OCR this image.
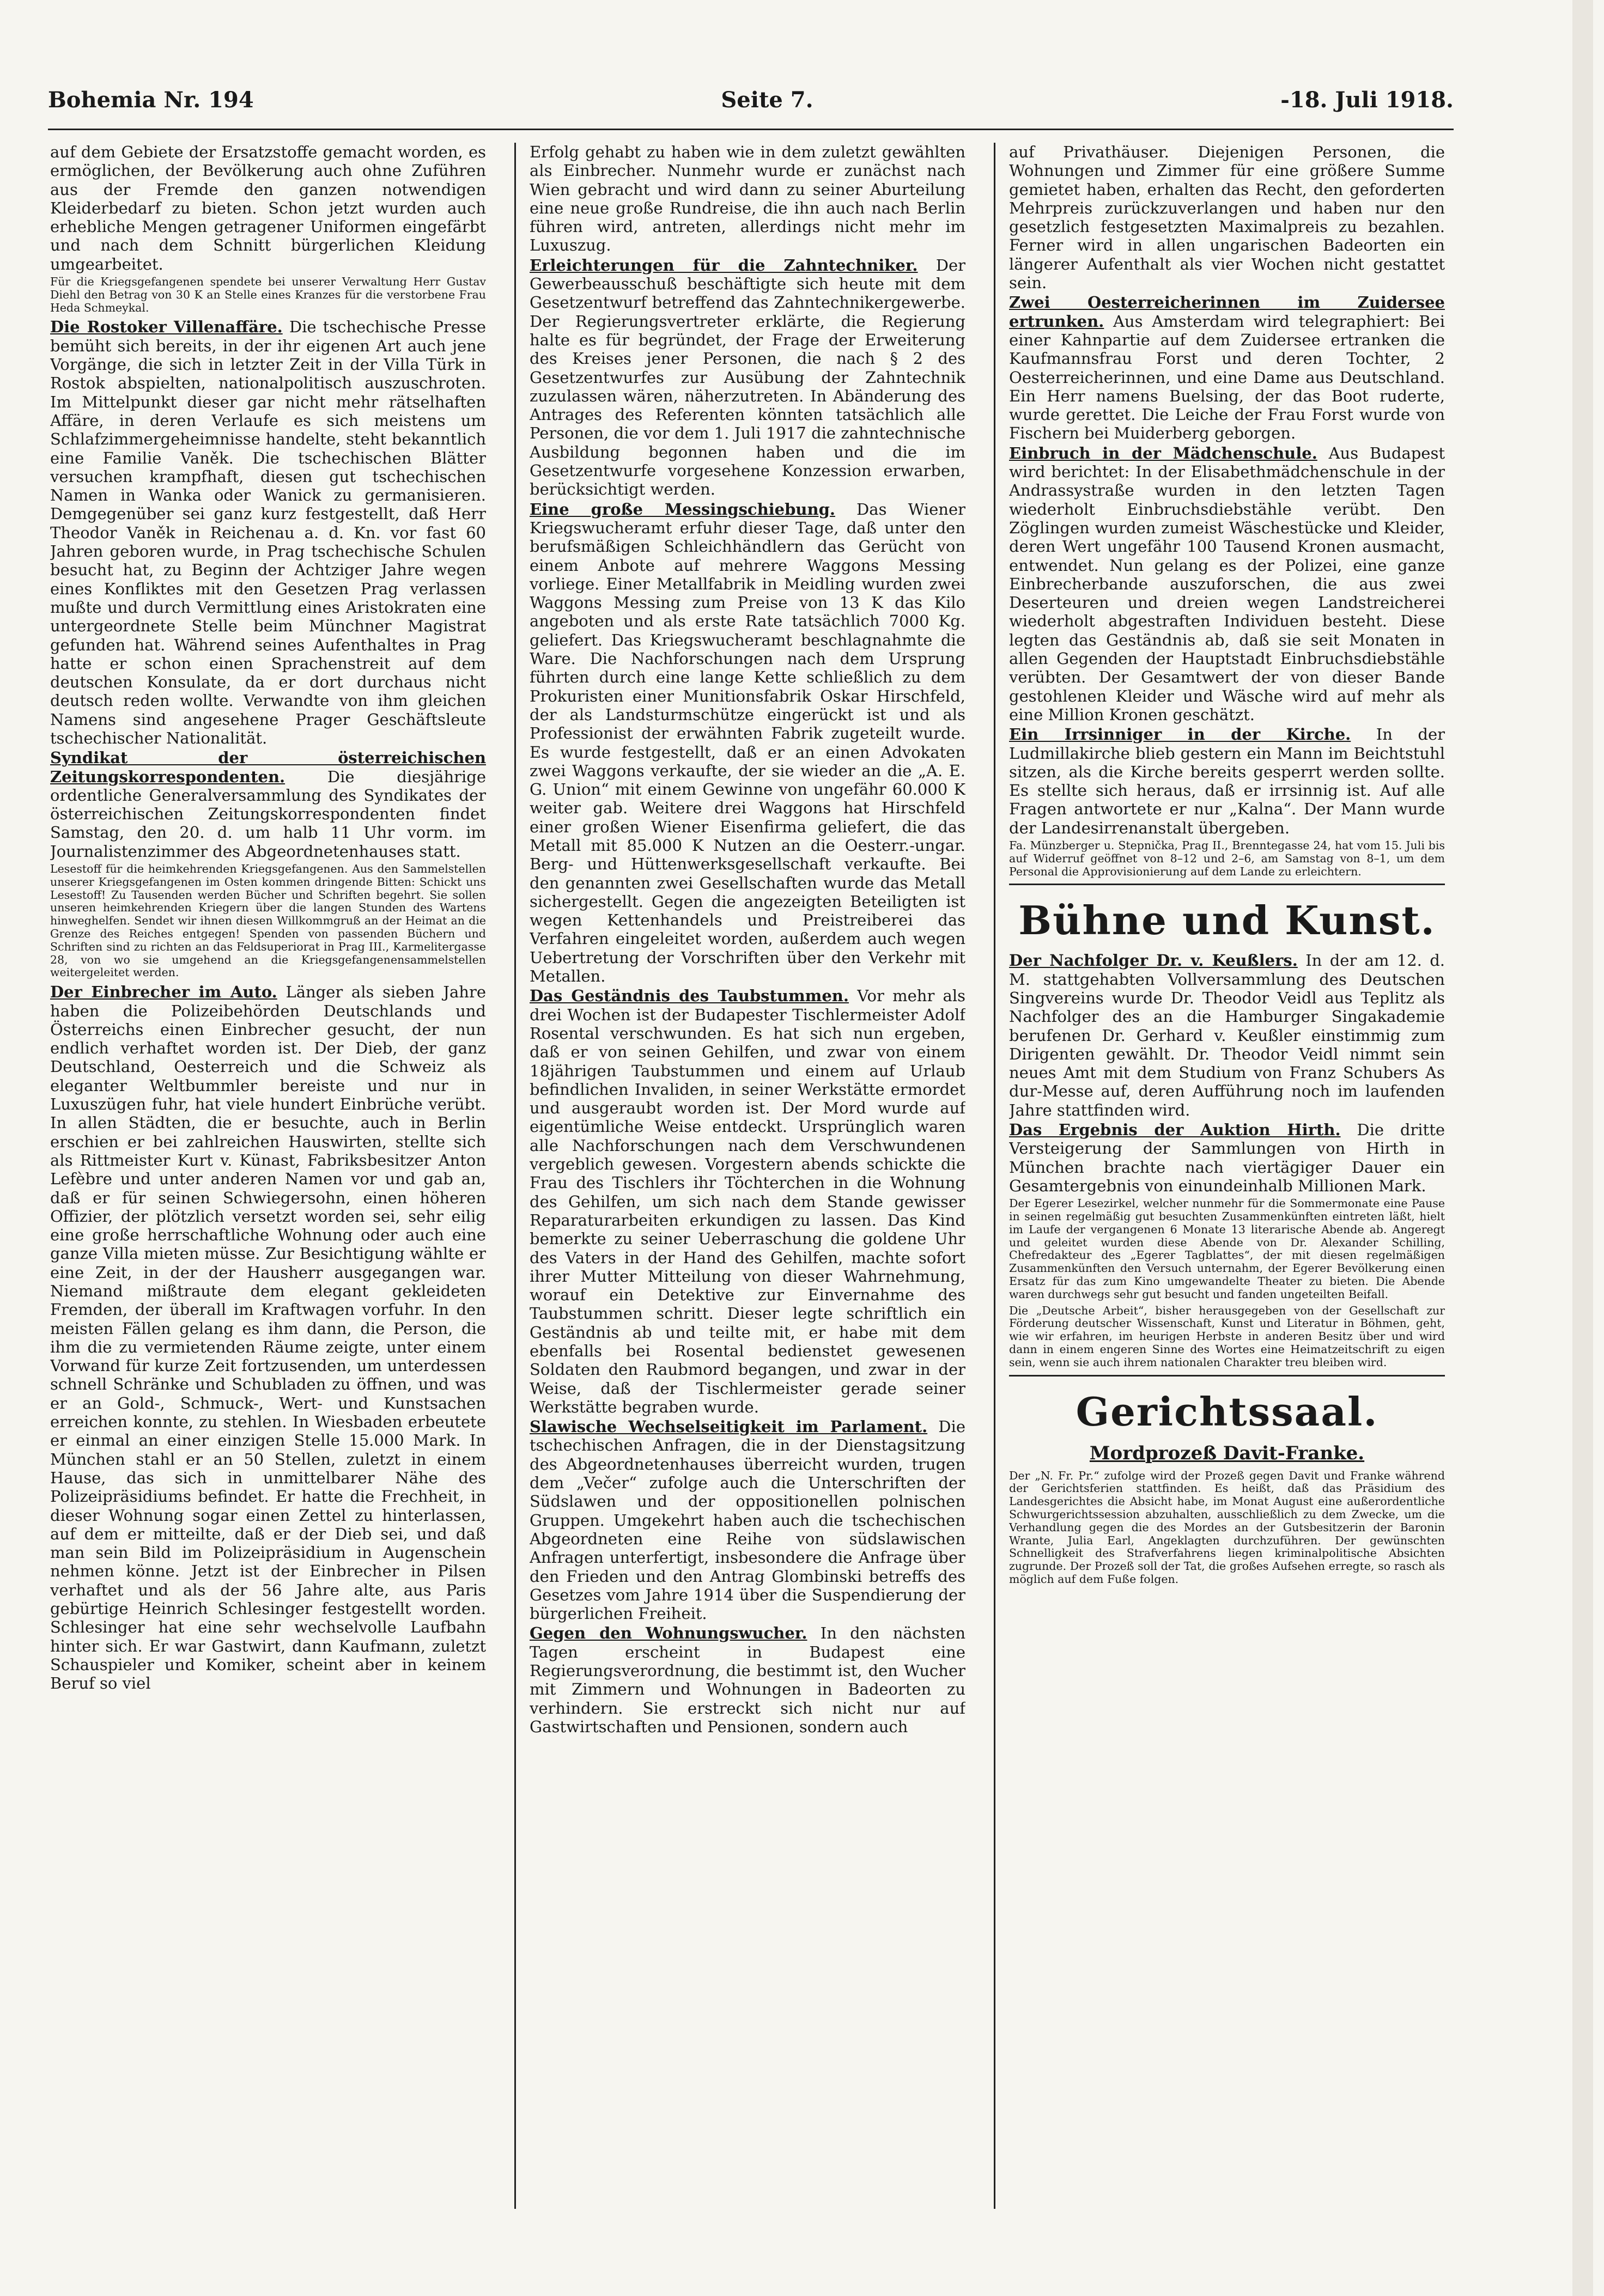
Bohemia Nr. 194	Seite 7.	-18. Juli 1918.

auf dem Gebiete der Ersatzstoffe gemacht worden, es ermöglichen, der Bevölkerung auch ohne Zuführen aus der Fremde den ganzen notwendigen Kleiderbedarf zu bieten. Schon jetzt wurden auch erhebliche Mengen getragener Uniformen eingefärbt und nach dem Schnitt bürgerlichen Kleidung umgearbeitet.

Für die Kriegsgefangenen spendete bei unserer Verwaltung Herr Gustav Diehl den Betrag von 30 K an Stelle eines Kranzes für die verstorbene Frau Heda Schmeykal.

Die Rostoker Villenaffäre. Die tschechische Presse bemüht sich bereits, in der ihr eigenen Art auch jene Vorgänge, die sich in letzter Zeit in der Villa Türk in Rostok abspielten, nationalpolitisch auszuschroten. Im Mittelpunkt dieser gar nicht mehr rätselhaften Affäre, in deren Verlaufe es sich meistens um Schlafzimmergeheimnisse handelte, steht bekanntlich eine Familie Vaněk. Die tschechischen Blätter versuchen krampfhaft, diesen gut tschechischen Namen in Wanka oder Wanick zu germanisieren. Demgegenüber sei ganz kurz festgestellt, daß Herr Theodor Vaněk in Reichenau a. d. Kn. vor fast 60 Jahren geboren wurde, in Prag tschechische Schulen besucht hat, zu Beginn der Achtziger Jahre wegen eines Konfliktes mit den Gesetzen Prag verlassen mußte und durch Vermittlung eines Aristokraten eine untergeordnete Stelle beim Münchner Magistrat gefunden hat. Während seines Aufenthaltes in Prag hatte er schon einen Sprachenstreit auf dem deutschen Konsulate, da er dort durchaus nicht deutsch reden wollte. Verwandte von ihm gleichen Namens sind angesehene Prager Geschäftsleute tschechischer Nationalität.

Syndikat der österreichischen Zeitungskorrespondenten.	Die diesjährige ordentliche Generalversammlung des Syndikates der österreichischen Zeitungskorrespondenten findet Samstag, den 20. d. um halb 11 Uhr vorm. im Journalistenzimmer des Abgeordnetenhauses statt.

Lesestoff für die heimkehrenden Kriegsgefangenen. Aus den Sammelstellen unserer Kriegsgefangenen im Osten kommen dringende Bitten: Schickt uns Lesestoff! Zu Tausenden werden Bücher und Schriften begehrt. Sie sollen unseren heimkehrenden Kriegern über die langen Stunden des Wartens hinweghelfen. Sendet wir ihnen diesen Willkommgruß an der Heimat an die Grenze des Reiches entgegen! Spenden von passenden Büchern und Schriften sind zu richten an das Feldsuperiorat in Prag III., Karmelitergasse 28, von wo sie umgehend an die Kriegsgefangenensammelstellen weitergeleitet werden.

Der Einbrecher im Auto. Länger als sieben Jahre haben die Polizeibehörden Deutschlands und Österreichs einen Einbrecher gesucht, der nun endlich verhaftet worden ist. Der Dieb, der ganz Deutschland, Oesterreich und die Schweiz als eleganter Weltbummler bereiste und nur in Luxuszügen fuhr, hat viele hundert Einbrüche verübt. In allen Städten, die er besuchte, auch in Berlin erschien er bei zahlreichen Hauswirten, stellte sich als Rittmeister Kurt v. Künast, Fabriksbesitzer Anton Lefèbre und unter anderen Namen vor und gab an, daß er für seinen Schwiegersohn, einen höheren Offizier, der plötzlich versetzt worden sei, sehr eilig eine große herrschaftliche Wohnung oder auch eine ganze Villa mieten müsse. Zur Besichtigung wählte er eine Zeit, in der der Hausherr ausgegangen war. Niemand mißtraute dem elegant gekleideten Fremden, der überall im Kraftwagen vorfuhr. In den meisten Fällen gelang es ihm dann, die Person, die ihm die zu vermietenden Räume zeigte, unter einem Vorwand für kurze Zeit fortzusenden, um unterdessen schnell Schränke und Schubladen zu öffnen, und was er an Gold-, Schmuck-, Wert- und Kunstsachen erreichen konnte, zu stehlen. In Wiesbaden erbeutete er einmal an einer einzigen Stelle 15.000 Mark. In München stahl er an 50 Stellen, zuletzt in einem Hause, das sich in unmittelbarer Nähe des Polizeipräsidiums befindet. Er hatte die Frechheit, in dieser Wohnung sogar einen Zettel zu hinterlassen, auf dem er mitteilte, daß er der Dieb sei, und daß man sein Bild im Polizeipräsidium in Augenschein nehmen könne. Jetzt ist der Einbrecher in Pilsen verhaftet und als der 56 Jahre alte, aus Paris gebürtige Heinrich Schlesinger festgestellt worden. Schlesinger hat eine sehr wechselvolle Laufbahn hinter sich. Er war Gastwirt, dann Kaufmann, zuletzt Schauspieler und Komiker, scheint aber in keinem Beruf so viel

Erfolg gehabt zu haben wie in dem zuletzt gewählten als Einbrecher. Nunmehr wurde er zunächst nach Wien gebracht und wird dann zu seiner Aburteilung eine neue große Rundreise, die ihn auch nach Berlin führen wird, antreten, allerdings nicht mehr im Luxuszug.

Erleichterungen für die Zahntechniker. Der Gewerbeausschuß beschäftigte sich heute mit dem Gesetzentwurf betreffend das Zahntechnikergewerbe. Der Regierungsvertreter erklärte, die Regierung halte es für begründet, der Frage der Erweiterung des Kreises jener Personen, die nach § 2 des Gesetzentwurfes zur Ausübung der Zahntechnik zuzulassen wären, näherzutreten. In Abänderung des Antrages des Referenten könnten tatsächlich alle Personen, die vor dem 1. Juli 1917 die zahntechnische Ausbildung begonnen haben und die im Gesetzentwurfe vorgesehene Konzession erwarben, berücksichtigt werden.

Eine große Messingschiebung. Das Wiener Kriegswucheramt erfuhr dieser Tage, daß unter den berufsmäßigen Schleichhändlern das Gerücht von einem Anbote auf mehrere Waggons Messing vorliege. Einer Metallfabrik in Meidling wurden zwei Waggons Messing zum Preise von 13 K das Kilo angeboten und als erste Rate tatsächlich 7000 Kg. geliefert. Das Kriegswucheramt beschlagnahmte die Ware. Die Nachforschungen nach dem Ursprung führten durch eine lange Kette schließlich zu dem Prokuristen einer Munitionsfabrik Oskar Hirschfeld, der als Landsturmschütze eingerückt ist und als Professionist der erwähnten Fabrik zugeteilt wurde. Es wurde festgestellt, daß er an einen Advokaten zwei Waggons verkaufte, der sie wieder an die „A. E. G. Union“ mit einem Gewinne von ungefähr 60.000 K weiter gab. Weitere drei Waggons hat Hirschfeld einer großen Wiener Eisenfirma geliefert, die das Metall mit 85.000 K Nutzen an die Oesterr.-ungar. Berg- und Hüttenwerksgesellschaft verkaufte. Bei den genannten zwei Gesellschaften wurde das Metall sichergestellt. Gegen die angezeigten Beteiligten ist wegen Kettenhandels und Preistreiberei das Verfahren eingeleitet worden, außerdem auch wegen Uebertretung der Vorschriften über den Verkehr mit Metallen.

Das Geständnis des Taubstummen. Vor mehr als drei Wochen ist der Budapester Tischlermeister Adolf Rosental verschwunden. Es hat sich nun ergeben, daß er von seinen Gehilfen, und zwar von einem 18jährigen Taubstummen und einem auf Urlaub befindlichen Invaliden, in seiner Werkstätte ermordet und ausgeraubt worden ist. Der Mord wurde auf eigentümliche Weise entdeckt. Ursprünglich waren alle Nachforschungen nach dem Verschwundenen vergeblich gewesen. Vorgestern abends schickte die Frau des Tischlers ihr Töchterchen in die Wohnung des Gehilfen, um sich nach dem Stande gewisser Reparaturarbeiten erkundigen zu lassen. Das Kind bemerkte zu seiner Ueberraschung die goldene Uhr des Vaters in der Hand des Gehilfen, machte sofort ihrer Mutter Mitteilung von dieser Wahrnehmung, worauf ein Detektive zur Einvernahme des Taubstummen schritt. Dieser legte schriftlich ein Geständnis ab und teilte mit, er habe mit dem ebenfalls bei Rosental bedienstet gewesenen Soldaten den Raubmord begangen, und zwar in der Weise, daß der Tischlermeister gerade seiner Werkstätte begraben wurde.

Slawische Wechselseitigkeit im Parlament. Die tschechischen Anfragen, die in der Dienstagsitzung des Abgeordnetenhauses überreicht wurden, trugen dem „Večer“ zufolge auch die Unterschriften der Südslawen und der oppositionellen polnischen Gruppen. Umgekehrt haben auch die tschechischen Abgeordneten eine Reihe von südslawischen Anfragen unterfertigt, insbesondere die Anfrage über den Frieden und den Antrag Glombinski betreffs des Gesetzes vom Jahre 1914 über die Suspendierung der bürgerlichen Freiheit.

Gegen den Wohnungswucher. In den nächsten Tagen erscheint in Budapest eine Regierungsverordnung, die bestimmt ist, den Wucher mit Zimmern und Wohnungen in Badeorten zu verhindern. Sie erstreckt sich nicht nur auf Gastwirtschaften und Pensionen, sondern auch

auf Privathäuser. Diejenigen Personen, die Wohnungen und Zimmer für eine größere Summe gemietet haben, erhalten das Recht, den geforderten Mehrpreis zurückzuverlangen und haben nur den gesetzlich festgesetzten Maximalpreis zu bezahlen. Ferner wird in allen ungarischen Badeorten ein längerer Aufenthalt als vier Wochen nicht gestattet sein.

Zwei Oesterreicherinnen im Zuidersee ertrunken. Aus Amsterdam wird telegraphiert: Bei einer Kahnpartie auf dem Zuidersee ertranken die Kaufmannsfrau Forst und deren Tochter, 2 Oesterreicherinnen, und eine Dame aus Deutschland. Ein Herr namens Buelsing, der das Boot ruderte, wurde gerettet. Die Leiche der Frau Forst wurde von Fischern bei Muiderberg geborgen.

Einbruch in der Mädchenschule. Aus Budapest wird berichtet: In der Elisabethmädchenschule in der Andrassystraße wurden in den letzten Tagen wiederholt Einbruchsdiebstähle verübt. Den Zöglingen wurden zumeist Wäschestücke und Kleider, deren Wert ungefähr 100 Tausend Kronen ausmacht, entwendet. Nun gelang es der Polizei, eine ganze Einbrecherbande auszuforschen, die aus zwei Deserteuren und dreien wegen Landstreicherei wiederholt abgestraften Individuen besteht. Diese legten das Geständnis ab, daß sie seit Monaten in allen Gegenden der Hauptstadt Einbruchsdiebstähle verübten. Der Gesamtwert der von dieser Bande gestohlenen Kleider und Wäsche wird auf mehr als eine Million Kronen geschätzt.

Ein Irrsinniger in der Kirche. In der Ludmillakirche blieb gestern ein Mann im Beichtstuhl sitzen, als die Kirche bereits gesperrt werden sollte. Es stellte sich heraus, daß er irrsinnig ist. Auf alle Fragen antwortete er nur „Kalna“. Der Mann wurde der Landesirrenanstalt übergeben.

Fa. Münzberger u. Stepnička, Prag II., Brenntegasse 24, hat vom 15. Juli bis auf Widerruf geöffnet von 8–12 und 2–6, am Samstag von 8–1, um dem Personal die Approvisionierung auf dem Lande zu erleichtern.

Bühne und Kunst.

Der Nachfolger Dr. v. Keußlers. In der am 12. d. M. stattgehabten Vollversammlung des Deutschen Singvereins wurde Dr. Theodor Veidl aus Teplitz als Nachfolger des an die Hamburger Singakademie berufenen Dr. Gerhard v. Keußler einstimmig zum Dirigenten gewählt. Dr. Theodor Veidl nimmt sein neues Amt mit dem Studium von Franz Schubers As dur-Messe auf, deren Aufführung noch im laufenden Jahre stattfinden wird.

Das Ergebnis der Auktion Hirth. Die dritte Versteigerung der Sammlungen von Hirth in München brachte nach viertägiger Dauer ein Gesamtergebnis von einundeinhalb Millionen Mark.

Der Egerer Lesezirkel, welcher nunmehr für die Sommermonate eine Pause in seinen regelmäßig gut besuchten Zusammenkünften eintreten läßt, hielt im Laufe der vergangenen 6 Monate 13 literarische Abende ab. Angeregt und geleitet wurden diese Abende von Dr. Alexander Schilling, Chefredakteur des „Egerer Tagblattes“, der mit diesen regelmäßigen Zusammenkünften den Versuch unternahm, der Egerer Bevölkerung einen Ersatz für das zum Kino umgewandelte Theater zu bieten. Die Abende waren durchwegs sehr gut besucht und fanden ungeteilten Beifall.

Die „Deutsche Arbeit“, bisher herausgegeben von der Gesellschaft zur Förderung deutscher Wissenschaft, Kunst und Literatur in Böhmen, geht, wie wir erfahren, im heurigen Herbste in anderen Besitz über und wird dann in einem engeren Sinne des Wortes eine Heimatzeitschrift zu eigen sein, wenn sie auch ihrem nationalen Charakter treu bleiben wird.

Gerichtssaal.
Mordprozeß Davit-Franke.

Der „N. Fr. Pr.“ zufolge wird der Prozeß gegen Davit und Franke während der Gerichtsferien stattfinden. Es heißt, daß das Präsidium des Landesgerichtes die Absicht habe, im Monat August eine außerordentliche Schwurgerichtssession abzuhalten, ausschließlich zu dem Zwecke, um die Verhandlung gegen die des Mordes an der Gutsbesitzerin der Baronin Wrante, Julia Earl, Angeklagten durchzuführen. Der gewünschten Schnelligkeit des Strafverfahrens liegen kriminalpolitische Absichten zugrunde. Der Prozeß soll der Tat, die großes Aufsehen erregte, so rasch als möglich auf dem Fuße folgen.
